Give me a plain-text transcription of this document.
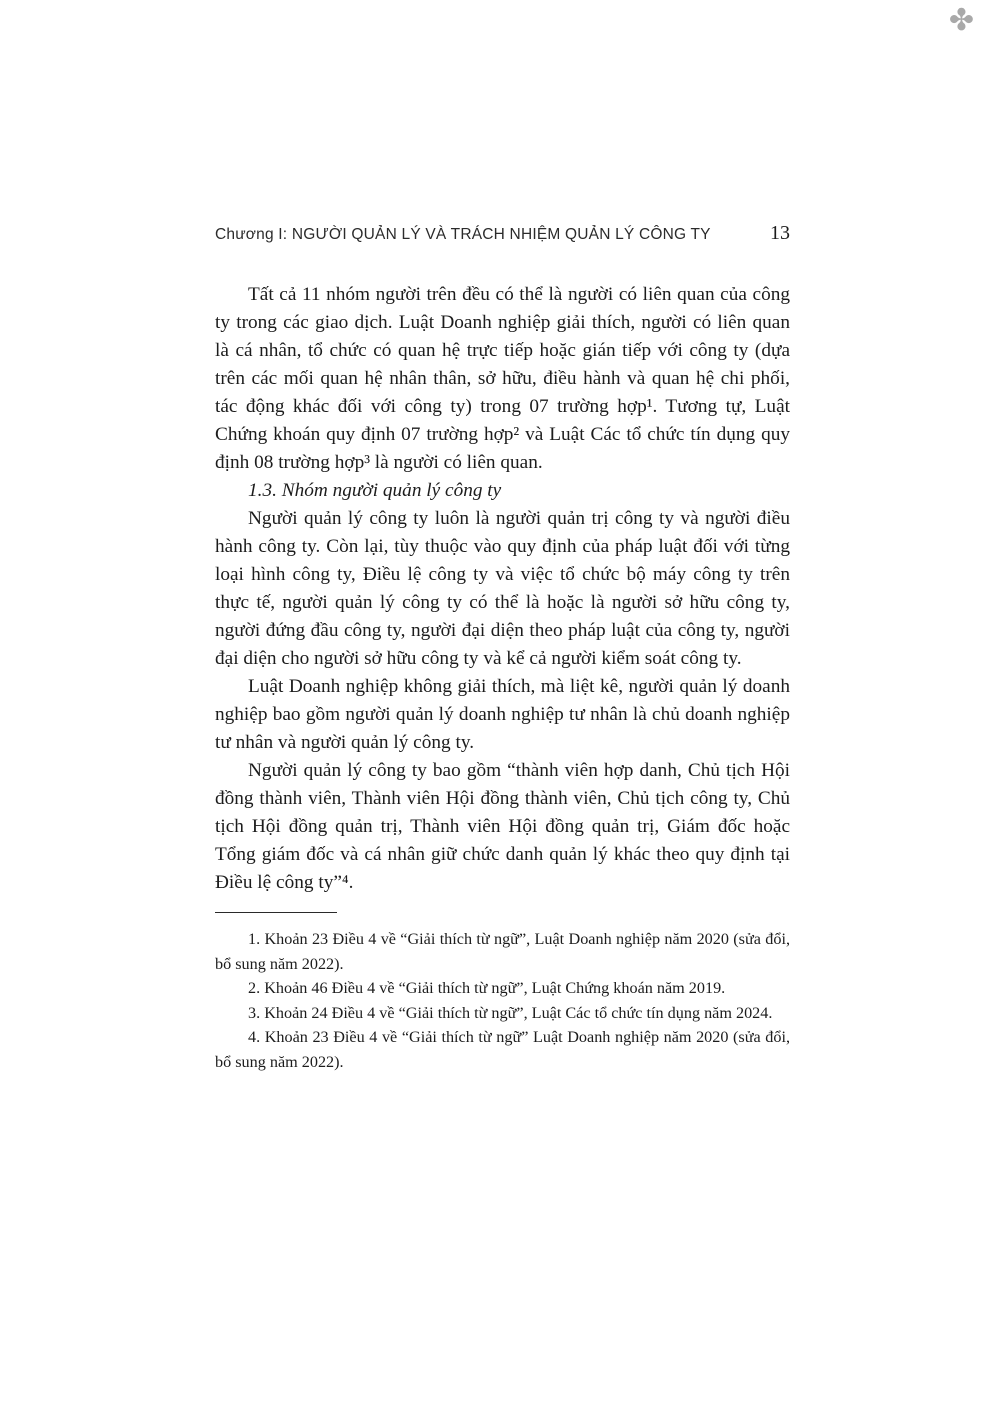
✤
Chương I: NGƯỜI QUẢN LÝ VÀ TRÁCH NHIỆM QUẢN LÝ CÔNG TY	13

Tất cả 11 nhóm người trên đều có thể là người có liên quan của công ty trong các giao dịch. Luật Doanh nghiệp giải thích, người có liên quan là cá nhân, tổ chức có quan hệ trực tiếp hoặc gián tiếp với công ty (dựa trên các mối quan hệ nhân thân, sở hữu, điều hành và quan hệ chi phối, tác động khác đối với công ty) trong 07 trường hợp¹. Tương tự, Luật Chứng khoán quy định 07 trường hợp² và Luật Các tổ chức tín dụng quy định 08 trường hợp³ là người có liên quan.

1.3. Nhóm người quản lý công ty

Người quản lý công ty luôn là người quản trị công ty và người điều hành công ty. Còn lại, tùy thuộc vào quy định của pháp luật đối với từng loại hình công ty, Điều lệ công ty và việc tổ chức bộ máy công ty trên thực tế, người quản lý công ty có thể là hoặc là người sở hữu công ty, người đứng đầu công ty, người đại diện theo pháp luật của công ty, người đại diện cho người sở hữu công ty và kể cả người kiểm soát công ty.

Luật Doanh nghiệp không giải thích, mà liệt kê, người quản lý doanh nghiệp bao gồm người quản lý doanh nghiệp tư nhân là chủ doanh nghiệp tư nhân và người quản lý công ty.

Người quản lý công ty bao gồm “thành viên hợp danh, Chủ tịch Hội đồng thành viên, Thành viên Hội đồng thành viên, Chủ tịch công ty, Chủ tịch Hội đồng quản trị, Thành viên Hội đồng quản trị, Giám đốc hoặc Tổng giám đốc và cá nhân giữ chức danh quản lý khác theo quy định tại Điều lệ công ty”⁴.

1. Khoản 23 Điều 4 về “Giải thích từ ngữ”, Luật Doanh nghiệp năm 2020 (sửa đổi, bổ sung năm 2022).

2. Khoản 46 Điều 4 về “Giải thích từ ngữ”, Luật Chứng khoán năm 2019.

3. Khoản 24 Điều 4 về “Giải thích từ ngữ”, Luật Các tổ chức tín dụng năm 2024.

4. Khoản 23 Điều 4 về “Giải thích từ ngữ” Luật Doanh nghiệp năm 2020 (sửa đổi, bổ sung năm 2022).
